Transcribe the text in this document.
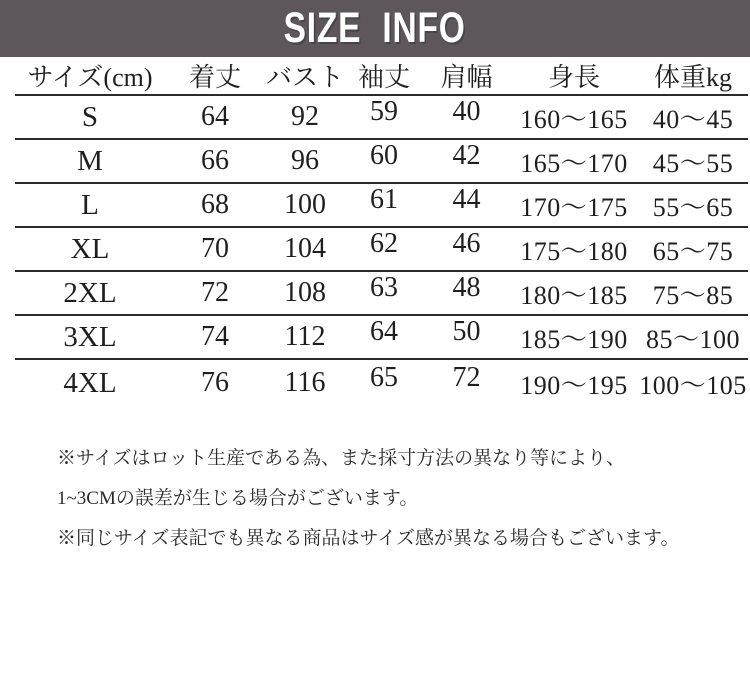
SIZE INFO
サイズ(cm)	着丈	バスト	袖丈	肩幅	身長	体重kg
S	64	92	59	40	160〜165	40〜45
M	66	96	60	42	165〜170	45〜55
L	68	100	61	44	170〜175	55〜65
XL	70	104	62	46	175〜180	65〜75
2XL	72	108	63	48	180〜185	75〜85
3XL	74	112	64	50	185〜190	85〜100
4XL	76	116	65	72	190〜195	100〜105

※サイズはロット生産である為、また採寸方法の異なり等により、

1~3CMの誤差が生じる場合がございます。

※同じサイズ表記でも異なる商品はサイズ感が異なる場合もございます。
